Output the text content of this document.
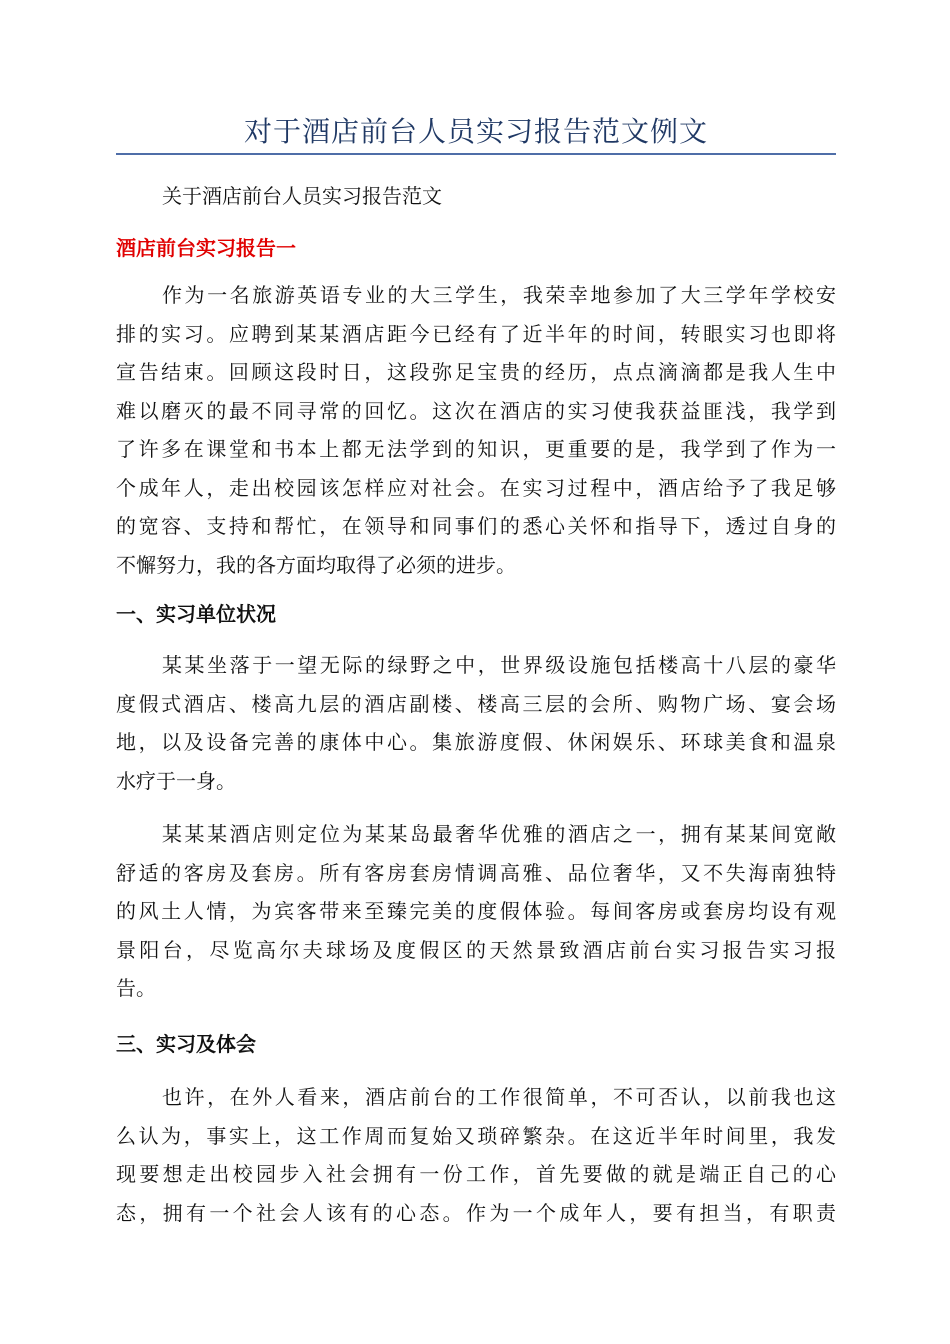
对于酒店前台人员实习报告范文例文

关于酒店前台人员实习报告范文

酒店前台实习报告一
作为一名旅游英语专业的大三学生，我荣幸地参加了大三学年学校安
排的实习。应聘到某某酒店距今已经有了近半年的时间，转眼实习也即将
宣告结束。回顾这段时日，这段弥足宝贵的经历，点点滴滴都是我人生中
难以磨灭的最不同寻常的回忆。这次在酒店的实习使我获益匪浅，我学到
了许多在课堂和书本上都无法学到的知识，更重要的是，我学到了作为一
个成年人，走出校园该怎样应对社会。在实习过程中，酒店给予了我足够
的宽容、支持和帮忙，在领导和同事们的悉心关怀和指导下，透过自身的
不懈努力，我的各方面均取得了必须的进步。
一、实习单位状况
某某坐落于一望无际的绿野之中，世界级设施包括楼高十八层的豪华
度假式酒店、楼高九层的酒店副楼、楼高三层的会所、购物广场、宴会场
地，以及设备完善的康体中心。集旅游度假、休闲娱乐、环球美食和温泉
水疗于一身。
某某某酒店则定位为某某岛最奢华优雅的酒店之一，拥有某某间宽敞
舒适的客房及套房。所有客房套房情调高雅、品位奢华，又不失海南独特
的风土人情，为宾客带来至臻完美的度假体验。每间客房或套房均设有观
景阳台，尽览高尔夫球场及度假区的天然景致酒店前台实习报告实习报
告。
三、实习及体会
也许，在外人看来，酒店前台的工作很简单，不可否认，以前我也这
么认为，事实上，这工作周而复始又琐碎繁杂。在这近半年时间里，我发
现要想走出校园步入社会拥有一份工作，首先要做的就是端正自己的心
态，拥有一个社会人该有的心态。作为一个成年人，要有担当，有职责
